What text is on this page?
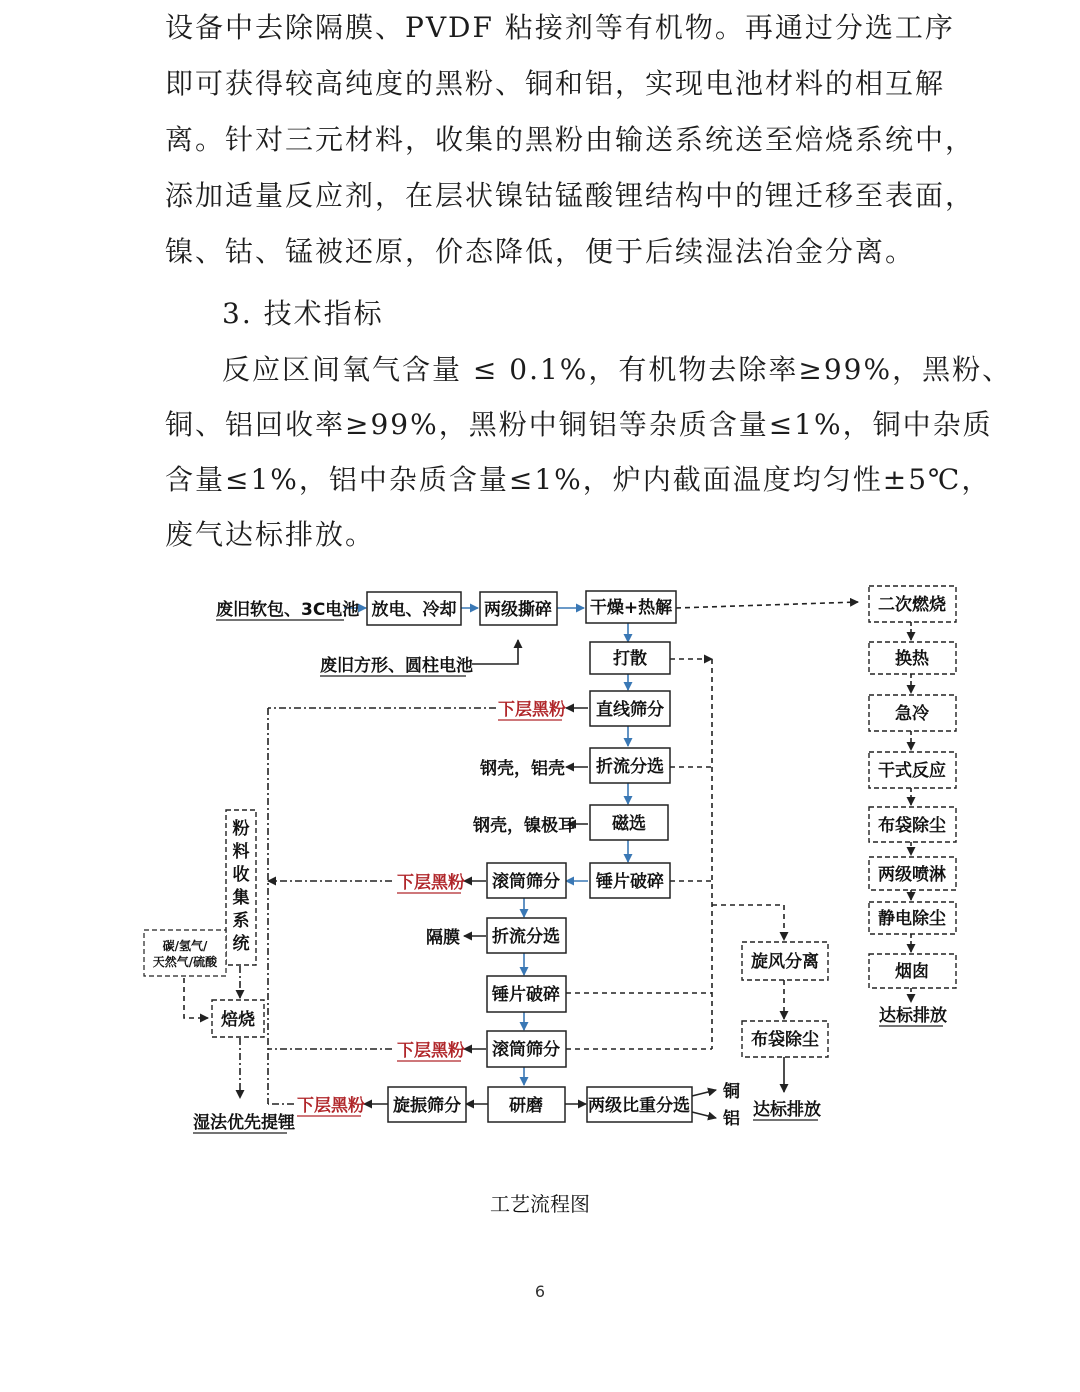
设备中去除隔膜、PVDF 粘接剂等有机物。再通过分选工序
即可获得较高纯度的黑粉、铜和铝，实现电池材料的相互解
离。针对三元材料，收集的黑粉由输送系统送至焙烧系统中，
添加适量反应剂，在层状镍钴锰酸锂结构中的锂迁移至表面，
镍、钴、锰被还原，价态降低，便于后续湿法冶金分离。
3. 技术指标
反应区间氧气含量 ≤ 0.1%，有机物去除率≥99%，黑粉、
铜、铝回收率≥99%，黑粉中铜铝等杂质含量≤1%，铜中杂质
含量≤1%，铝中杂质含量≤1%，炉内截面温度均匀性±5℃，
废气达标排放。
放电、冷却 两级撕碎 干燥+热解
打散
直线筛分
折流分选
磁选
锤片破碎
滚筒筛分
折流分选
锤片破碎
滚筒筛分
研磨
旋振筛分	两级比重分选
旋风分离
布袋除尘
焙烧
二次燃烧
换热
急冷
干式反应
布袋除尘
两级喷淋
静电除尘
烟囱
废旧软包、3C电池
废旧方形、圆柱电池
钢壳，铝壳
钢壳，镍极耳
隔膜
铜
铝 达标排放
达标排放
湿法优先提锂
下层黑粉
下层黑粉
下层黑粉
下层黑粉
粉料收集系统
碳/氢气/天然气/硫酸
工艺流程图
6
